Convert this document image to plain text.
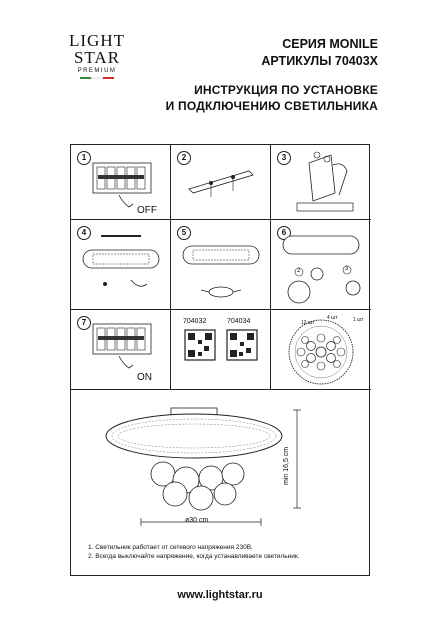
LIGHT
STAR
PREMIUM
СЕРИЯ MONILE
АРТИКУЛЫ 70403X
ИНСТРУКЦИЯ ПО УСТАНОВКЕ
И ПОДКЛЮЧЕНИЮ СВЕТИЛЬНИКА
1
OFF
2	3
4	5	6
2	3
7
ON
704032	704034	4 шт
12 шт	1 шт
ø30 cm
min 16,5 cm
1. Светильник работает от сетевого напряжения 230В.
2. Всегда выключайте напряжение, когда устанавливаете светильник.
www.lightstar.ru
